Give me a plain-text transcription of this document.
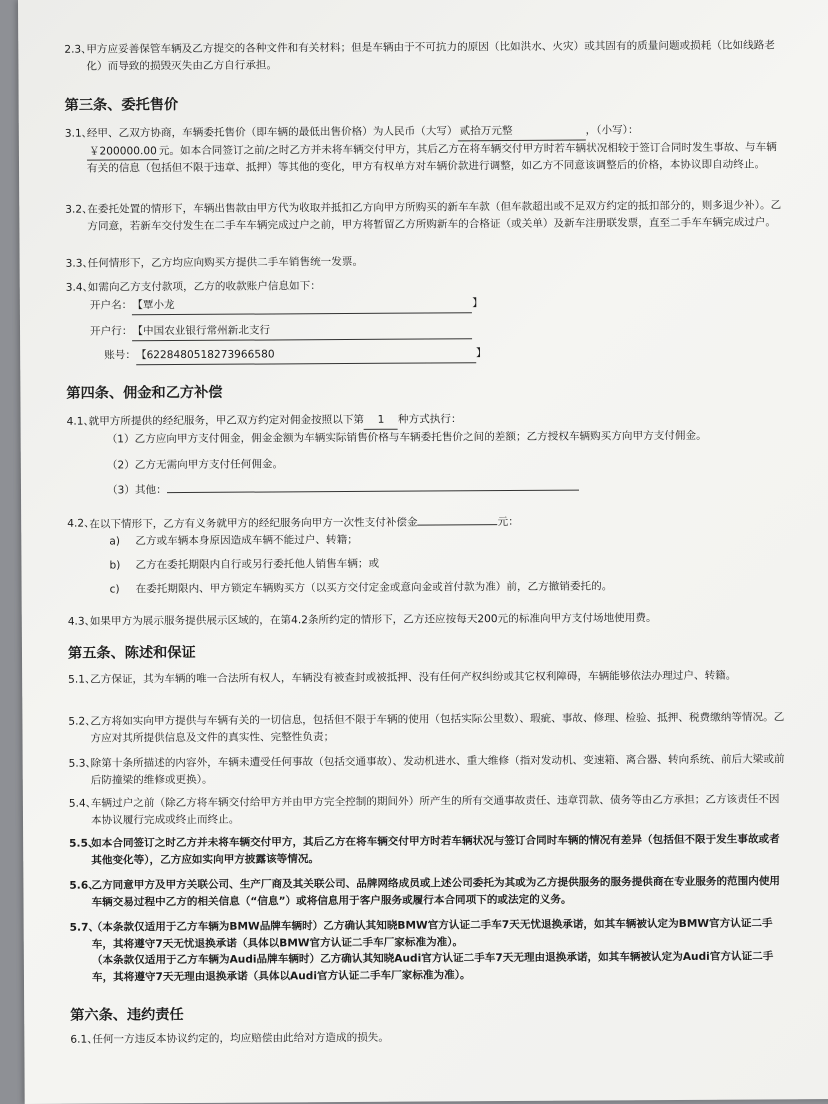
2.3、
甲方应妥善保管车辆及乙方提交的各种文件和有关材料；但是车辆由于不可抗力的原因（比如洪水、火灾）或其固有的质量问题或损耗（比如线路老化）而导致的损毁灭失由乙方自行承担。
第三条、委托售价
3.1、
经甲、乙双方协商，车辆委托售价（即车辆的最低出售价格）为人民币（大写） 贰拾万元整	，（小写）：
￥200000.00 元。如本合同签订之前/之时乙方并未将车辆交付甲方，其后乙方在将车辆交付甲方时若车辆状况相较于签订合同时发生事故、与车辆有关的信息（包括但不限于违章、抵押）等其他的变化，甲方有权单方对车辆价款进行调整，如乙方不同意该调整后的价格，本协议即自动终止。
3.2、
在委托处置的情形下，车辆出售款由甲方代为收取并抵扣乙方向甲方所购买的新车车款（但车款超出或不足双方约定的抵扣部分的，则多退少补）。乙方同意，若新车交付发生在二手车车辆完成过户之前，甲方将暂留乙方所购新车的合格证（或关单）及新车注册联发票，直至二手车车辆完成过户。
3.3、
任何情形下，乙方均应向购买方提供二手车销售统一发票。
3.4、
如需向乙方支付款项，乙方的收款账户信息如下：
开户名：【覃小龙	】
开户行：【中国农业银行常州新北支行
账号：【6228480518273966580	】
第四条、佣金和乙方补偿
4.1、
就甲方所提供的经纪服务，甲乙双方约定对佣金按照以下第 1 种方式执行：
（1）乙方应向甲方支付佣金，佣金金额为车辆实际销售价格与车辆委托售价之间的差额；乙方授权车辆购买方向甲方支付佣金。
（2）乙方无需向甲方支付任何佣金。
（3）其他：
4.2、
在以下情形下，乙方有义务就甲方的经纪服务向甲方一次性支付补偿金	元：
a)	乙方或车辆本身原因造成车辆不能过户、转籍；
b)	乙方在委托期限内自行或另行委托他人销售车辆；或
c)	在委托期限内、甲方锁定车辆购买方（以买方交付定金或意向金或首付款为准）前，乙方撤销委托的。
4.3、
如果甲方为展示服务提供展示区域的，在第4.2条所约定的情形下，乙方还应按每天200元的标准向甲方支付场地使用费。
第五条、陈述和保证
5.1、
乙方保证，其为车辆的唯一合法所有权人，车辆没有被查封或被抵押、没有任何产权纠纷或其它权利障碍，车辆能够依法办理过户、转籍。
5.2、
乙方将如实向甲方提供与车辆有关的一切信息，包括但不限于车辆的使用（包括实际公里数）、瑕疵、事故、修理、检验、抵押、税费缴纳等情况。乙方应对其所提供信息及文件的真实性、完整性负责；
5.3、
除第十条所描述的内容外，车辆未遭受任何事故（包括交通事故）、发动机进水、重大维修（指对发动机、变速箱、离合器、转向系统、前后大梁或前后防撞梁的维修或更换）。
5.4、
车辆过户之前（除乙方将车辆交付给甲方并由甲方完全控制的期间外）所产生的所有交通事故责任、违章罚款、债务等由乙方承担；乙方该责任不因本协议履行完成或终止而终止。
5.5、
如本合同签订之时乙方并未将车辆交付甲方，其后乙方在将车辆交付甲方时若车辆状况与签订合同时车辆的情况有差异（包括但不限于发生事故或者其他变化等），乙方应如实向甲方披露该等情况。
5.6、
乙方同意甲方及甲方关联公司、生产厂商及其关联公司、品牌网络成员或上述公司委托为其或为乙方提供服务的服务提供商在专业服务的范围内使用车辆交易过程中乙方的相关信息（“信息”）或将信息用于客户服务或履行本合同项下的或法定的义务。
5.7、
（本条款仅适用于乙方车辆为BMW品牌车辆时）乙方确认其知晓BMW官方认证二手车7天无忧退换承诺，如其车辆被认定为BMW官方认证二手车，其将遵守7天无忧退换承诺（具体以BMW官方认证二手车厂家标准为准）。
（本条款仅适用于乙方车辆为Audi品牌车辆时）乙方确认其知晓Audi官方认证二手车7天无理由退换承诺，如其车辆被认定为Audi官方认证二手车，其将遵守7天无理由退换承诺（具体以Audi官方认证二手车厂家标准为准）。
第六条、违约责任
6.1、
任何一方违反本协议约定的，均应赔偿由此给对方造成的损失。
